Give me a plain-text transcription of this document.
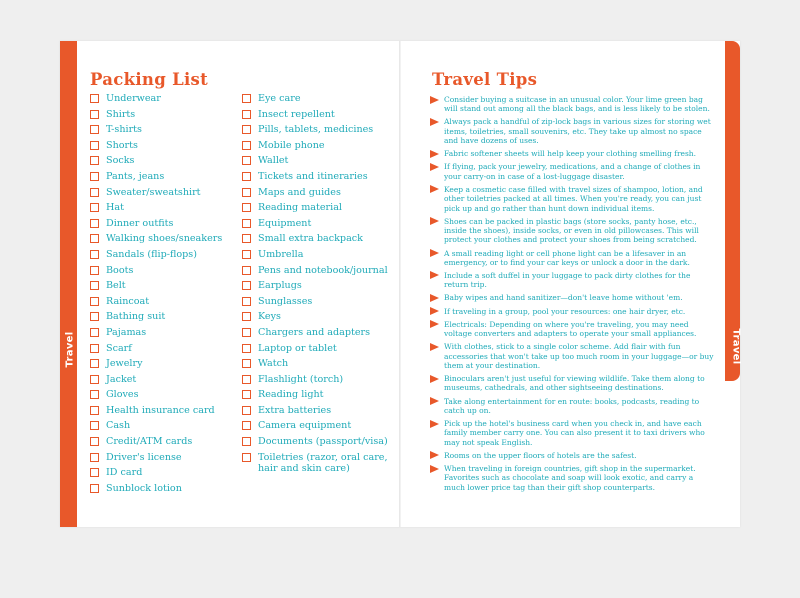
Travel	Travel
Packing List	Travel Tips
Underwear
Shirts
T-shirts
Shorts
Socks
Pants, jeans
Sweater/sweatshirt
Hat
Dinner outfits
Walking shoes/sneakers
Sandals (flip-flops)
Boots
Belt
Raincoat
Bathing suit
Pajamas
Scarf
Jewelry
Jacket
Gloves
Health insurance card
Cash
Credit/ATM cards
Driver's license
ID card
Sunblock lotion
Eye care
Insect repellent
Pills, tablets, medicines
Mobile phone
Wallet
Tickets and itineraries
Maps and guides
Reading material
Equipment
Small extra backpack
Umbrella
Pens and notebook/journal
Earplugs
Sunglasses
Keys
Chargers and adapters
Laptop or tablet
Watch
Flashlight (torch)
Reading light
Extra batteries
Camera equipment
Documents (passport/visa)
Toiletries (razor, oral care, hair and skin care)
Consider buying a suitcase in an unusual color. Your lime green bag will stand out among all the black bags, and is less likely to be stolen.
Always pack a handful of zip-lock bags in various sizes for storing wet items, toiletries, small souvenirs, etc. They take up almost no space and have dozens of uses.
Fabric softener sheets will help keep your clothing smelling fresh.
If flying, pack your jewelry, medications, and a change of clothes in your carry-on in case of a lost-luggage disaster.
Keep a cosmetic case filled with travel sizes of shampoo, lotion, and other toiletries packed at all times. When you're ready, you can just pick up and go rather than hunt down individual items.
Shoes can be packed in plastic bags (store socks, panty hose, etc., inside the shoes), inside socks, or even in old pillowcases. This will protect your clothes and protect your shoes from being scratched.
A small reading light or cell phone light can be a lifesaver in an emergency, or to find your car keys or unlock a door in the dark.
Include a soft duffel in your luggage to pack dirty clothes for the return trip.
Baby wipes and hand sanitizer—don't leave home without 'em.
If traveling in a group, pool your resources: one hair dryer, etc.
Electricals: Depending on where you're traveling, you may need voltage converters and adapters to operate your small appliances.
With clothes, stick to a single color scheme. Add flair with fun accessories that won't take up too much room in your luggage—or buy them at your destination.
Binoculars aren't just useful for viewing wildlife. Take them along to museums, cathedrals, and other sightseeing destinations.
Take along entertainment for en route: books, podcasts, reading to catch up on.
Pick up the hotel's business card when you check in, and have each family member carry one. You can also present it to taxi drivers who may not speak English.
Rooms on the upper floors of hotels are the safest.
When traveling in foreign countries, gift shop in the supermarket. Favorites such as chocolate and soap will look exotic, and carry a much lower price tag than their gift shop counterparts.
